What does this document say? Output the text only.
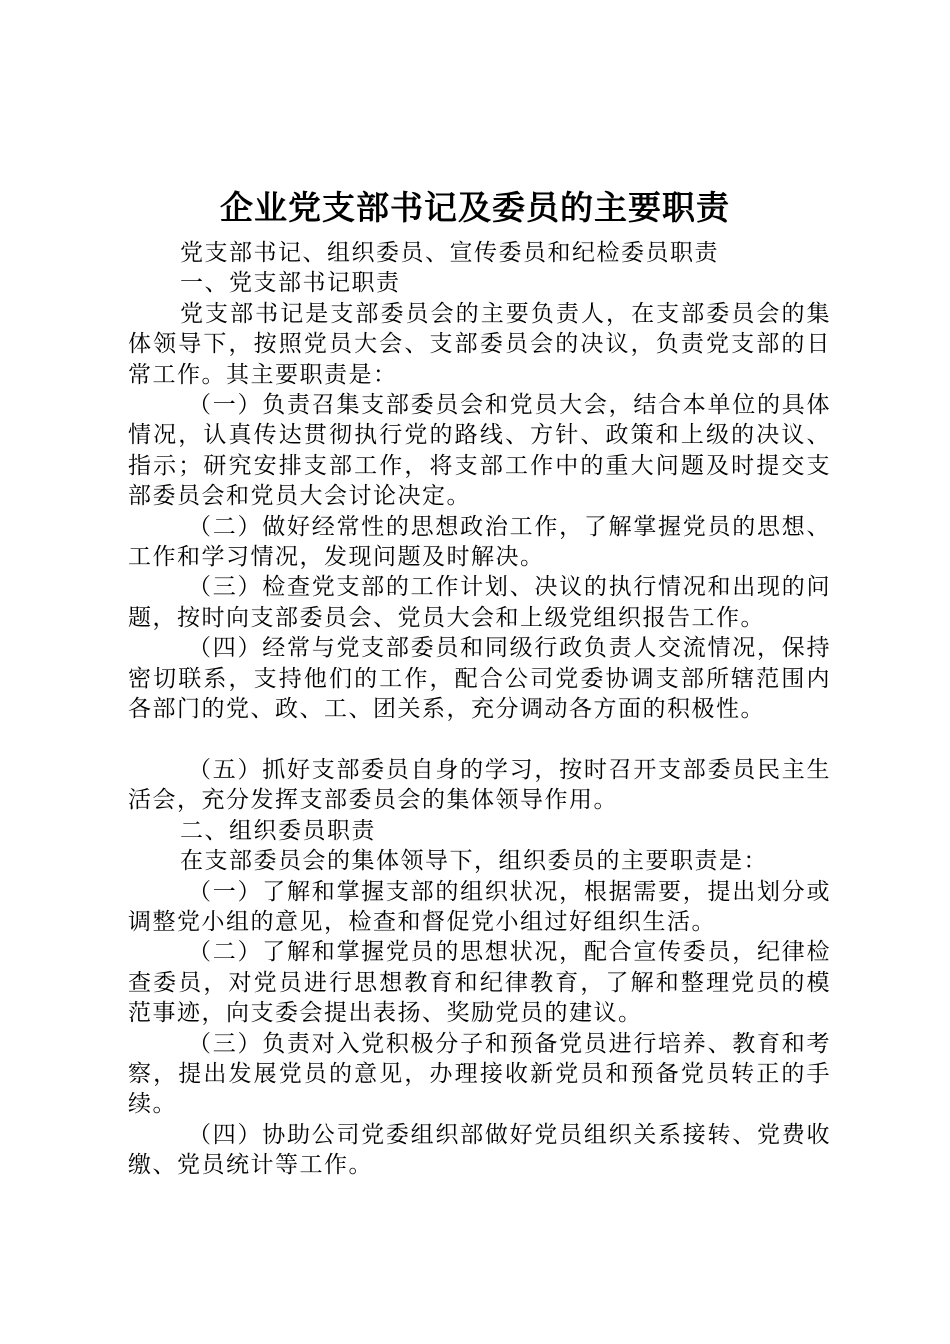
企业党支部书记及委员的主要职责

党支部书记、组织委员、宣传委员和纪检委员职责

一、党支部书记职责

党支部书记是支部委员会的主要负责人，在支部委员会的集体领导下，按照党员大会、支部委员会的决议，负责党支部的日常工作。其主要职责是：

（一）负责召集支部委员会和党员大会，结合本单位的具体情况，认真传达贯彻执行党的路线、方针、政策和上级的决议、指示；研究安排支部工作，将支部工作中的重大问题及时提交支部委员会和党员大会讨论决定。

（二）做好经常性的思想政治工作，了解掌握党员的思想、工作和学习情况，发现问题及时解决。

（三）检查党支部的工作计划、决议的执行情况和出现的问题，按时向支部委员会、党员大会和上级党组织报告工作。

（四）经常与党支部委员和同级行政负责人交流情况，保持密切联系，支持他们的工作，配合公司党委协调支部所辖范围内各部门的党、政、工、团关系，充分调动各方面的积极性。

（五）抓好支部委员自身的学习，按时召开支部委员民主生活会，充分发挥支部委员会的集体领导作用。

二、组织委员职责

在支部委员会的集体领导下，组织委员的主要职责是：

（一）了解和掌握支部的组织状况，根据需要，提出划分或调整党小组的意见，检查和督促党小组过好组织生活。

（二）了解和掌握党员的思想状况，配合宣传委员，纪律检查委员，对党员进行思想教育和纪律教育，了解和整理党员的模范事迹，向支委会提出表扬、奖励党员的建议。

（三）负责对入党积极分子和预备党员进行培养、教育和考察，提出发展党员的意见，办理接收新党员和预备党员转正的手续。

（四）协助公司党委组织部做好党员组织关系接转、党费收缴、党员统计等工作。
